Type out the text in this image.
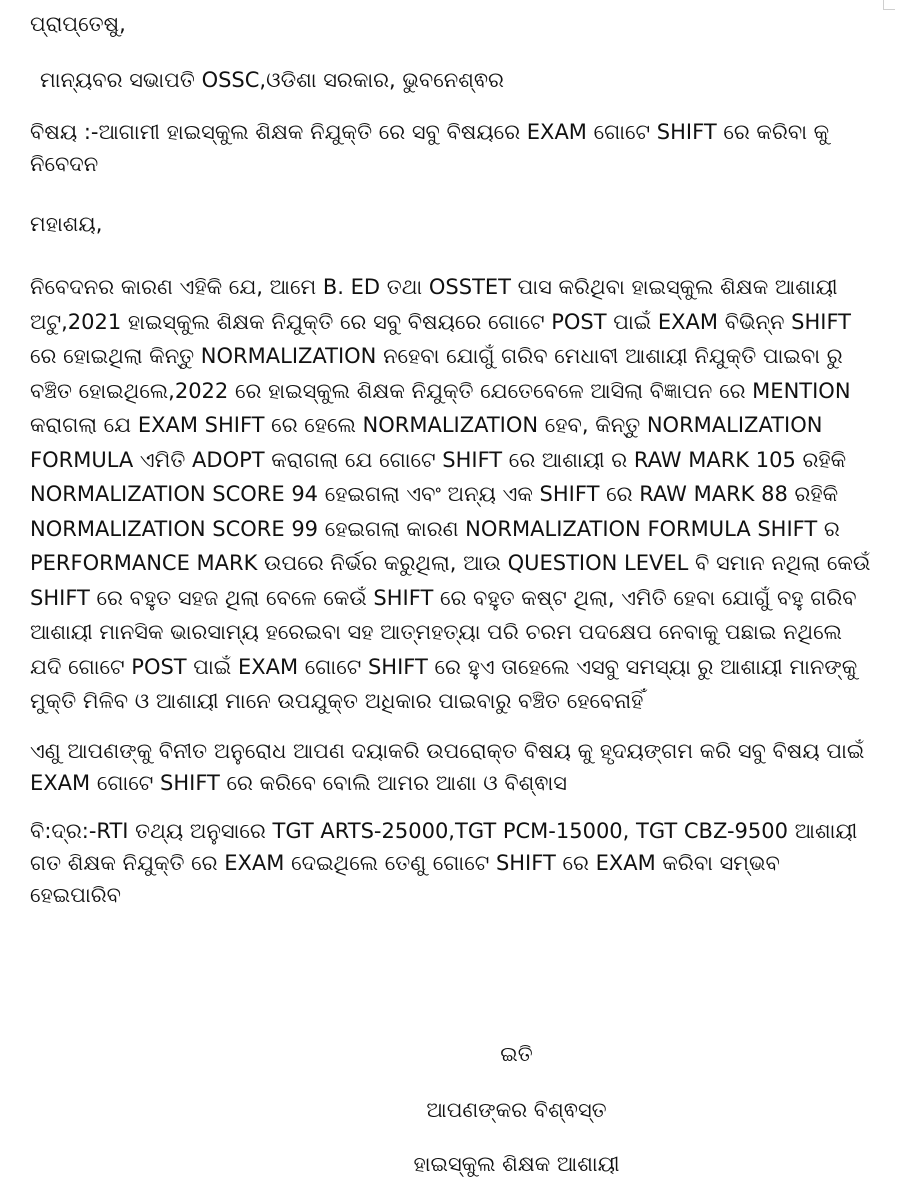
ପ୍ରାପ୍ତେଷୁ,

ମାନ୍ୟବର ସଭାପତି OSSC,ଓଡିଶା ସରକାର, ଭୁବନେଶ୍ଵର

ବିଷୟ :-ଆଗାମୀ ହାଇସ୍କୁଲ ଶିକ୍ଷକ ନିଯୁକ୍ତି ରେ ସବୁ ବିଷୟରେ EXAM ଗୋଟେ SHIFT ରେ କରିବା କୁ ନିବେଦନ

ମହାଶୟ,

ନିବେଦନର କାରଣ ଏହିକି ଯେ, ଆମେ B. ED ତଥା OSSTET ପାସ କରିଥିବା ହାଇସ୍କୁଲ ଶିକ୍ଷକ ଆଶାୟୀ ଅଟୁ,2021 ହାଇସ୍କୁଲ ଶିକ୍ଷକ ନିଯୁକ୍ତି ରେ ସବୁ ବିଷୟରେ ଗୋଟେ POST ପାଇଁ EXAM ବିଭିନ୍ନ SHIFT ରେ ହୋଇଥିଲା କିନ୍ତୁ NORMALIZATION ନହେବା ଯୋଗୁଁ ଗରିବ ମେଧାବୀ ଆଶାୟୀ ନିଯୁକ୍ତି ପାଇବା ରୁ ବଞ୍ଚିତ ହୋଇଥିଲେ,2022 ରେ ହାଇସ୍କୁଲ ଶିକ୍ଷକ ନିଯୁକ୍ତି ଯେତେବେଳେ ଆସିଲା ବିଜ୍ଞାପନ ରେ MENTION କରାଗଲା ଯେ EXAM SHIFT ରେ ହେଲେ NORMALIZATION ହେବ, କିନ୍ତୁ NORMALIZATION FORMULA ଏମିତି ADOPT କରାଗଲା ଯେ ଗୋଟେ SHIFT ରେ ଆଶାୟୀ ର RAW MARK 105 ରହିକି NORMALIZATION SCORE 94 ହେଇଗଲା ଏବଂ ଅନ୍ୟ ଏକ SHIFT ରେ RAW MARK 88 ରହିକି NORMALIZATION SCORE 99 ହେଇଗଲା କାରଣ NORMALIZATION FORMULA SHIFT ର PERFORMANCE MARK ଉପରେ ନିର୍ଭର କରୁଥିଲା, ଆଉ QUESTION LEVEL ବି ସମାନ ନଥିଲା କେଉଁ SHIFT ରେ ବହୁତ ସହଜ ଥିଲା ବେଳେ କେଉଁ SHIFT ରେ ବହୁତ କଷ୍ଟ ଥିଲା, ଏମିତି ହେବା ଯୋଗୁଁ ବହୁ ଗରିବ ଆଶାୟୀ ମାନସିକ ଭାରସାମ୍ୟ ହରେଇବା ସହ ଆତ୍ମହତ୍ୟା ପରି ଚରମ ପଦକ୍ଷେପ ନେବାକୁ ପଛାଇ ନଥିଲେ ଯଦି ଗୋଟେ POST ପାଇଁ EXAM ଗୋଟେ SHIFT ରେ ହୁଏ ତାହେଲେ ଏସବୁ ସମସ୍ୟା ରୁ ଆଶାୟୀ ମାନଙ୍କୁ ମୁକ୍ତି ମିଳିବ ଓ ଆଶାୟୀ ମାନେ ଉପଯୁକ୍ତ ଅଧିକାର ପାଇବାରୁ ବଞ୍ଚିତ ହେବେନାହିଁ

ଏଣୁ ଆପଣଙ୍କୁ ବିନୀତ ଅନୁରୋଧ ଆପଣ ଦୟାକରି ଉପରୋକ୍ତ ବିଷୟ କୁ ହୃଦୟଙ୍ଗମ କରି ସବୁ ବିଷୟ ପାଇଁ EXAM ଗୋଟେ SHIFT ରେ କରିବେ ବୋଲି ଆମର ଆଶା ଓ ବିଶ୍ଵାସ

ବି:ଦ୍ର:-RTI ତଥ୍ୟ ଅନୁସାରେ TGT ARTS-25000,TGT PCM-15000, TGT CBZ-9500 ଆଶାୟୀ ଗତ ଶିକ୍ଷକ ନିଯୁକ୍ତି ରେ EXAM ଦେଇଥିଲେ ତେଣୁ ଗୋଟେ SHIFT ରେ EXAM କରିବା ସମ୍ଭବ ହେଇପାରିବ

ଇତି
ଆପଣଙ୍କର ବିଶ୍ଵସ୍ତ
ହାଇସ୍କୁଲ ଶିକ୍ଷକ ଆଶାୟୀ
